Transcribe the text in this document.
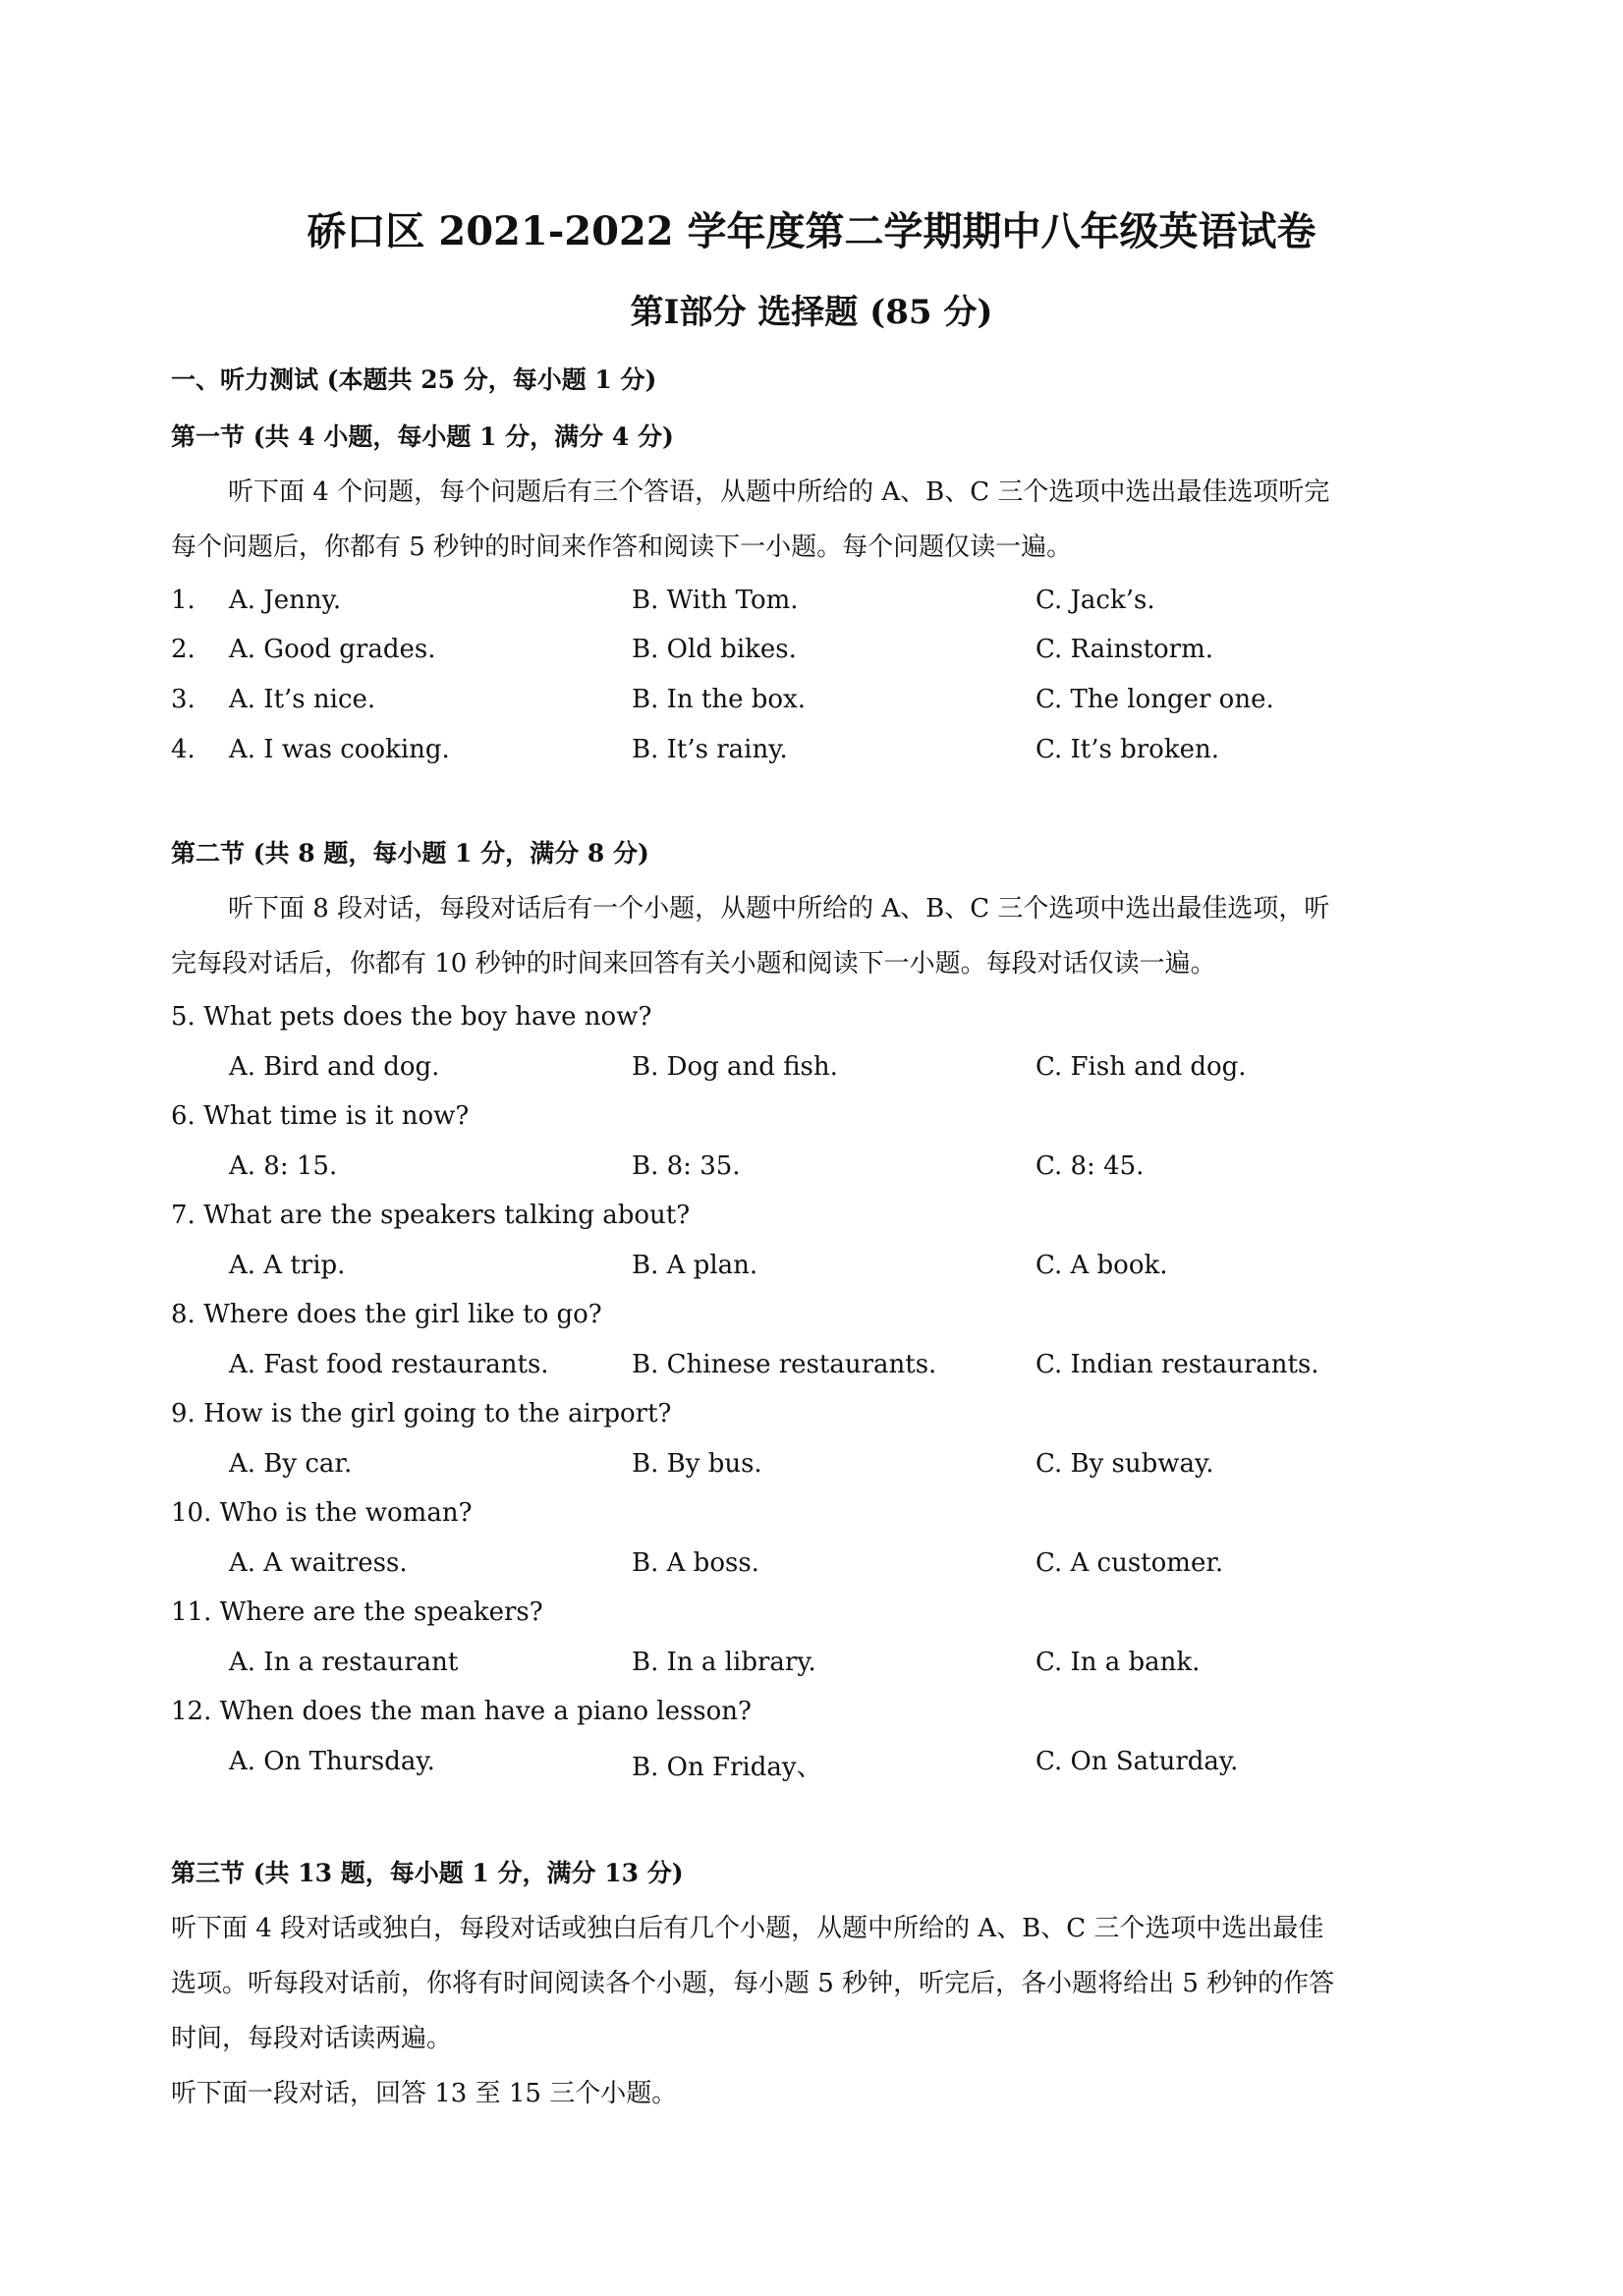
硚口区 2021-2022 学年度第二学期期中八年级英语试卷
第Ⅰ部分 选择题 (85 分)
一、听力测试 (本题共 25 分，每小题 1 分)
第一节 (共 4 小题，每小题 1 分，满分 4 分)
听下面 4 个问题，每个问题后有三个答语，从题中所给的 A、B、C 三个选项中选出最佳选项听完
每个问题后，你都有 5 秒钟的时间来作答和阅读下一小题。每个问题仅读一遍。
1. A. Jenny.	B. With Tom.	C. Jack’s.
2. A. Good grades.	B. Old bikes.	C. Rainstorm.
3. A. It’s nice.	B. In the box.	C. The longer one.
4. A. I was cooking.	B. It’s rainy.	C. It’s broken.
第二节 (共 8 题，每小题 1 分，满分 8 分)
听下面 8 段对话，每段对话后有一个小题，从题中所给的 A、B、C 三个选项中选出最佳选项，听
完每段对话后，你都有 10 秒钟的时间来回答有关小题和阅读下一小题。每段对话仅读一遍。
5. What pets does the boy have now?
A. Bird and dog.	B. Dog and fish.	C. Fish and dog.
6. What time is it now?
A. 8: 15.	B. 8: 35.	C. 8: 45.
7. What are the speakers talking about?
A. A trip.	B. A plan.	C. A book.
8. Where does the girl like to go?
A. Fast food restaurants.	B. Chinese restaurants.	C. Indian restaurants.
9. How is the girl going to the airport?
A. By car.	B. By bus.	C. By subway.
10. Who is the woman?
A. A waitress.	B. A boss.	C. A customer.
11. Where are the speakers?
A. In a restaurant	B. In a library.	C. In a bank.
12. When does the man have a piano lesson?
A. On Thursday.	B. On Friday、	C. On Saturday.
第三节 (共 13 题，每小题 1 分，满分 13 分)
听下面 4 段对话或独白，每段对话或独白后有几个小题，从题中所给的 A、B、C 三个选项中选出最佳
选项。听每段对话前，你将有时间阅读各个小题，每小题 5 秒钟，听完后，各小题将给出 5 秒钟的作答
时间，每段对话读两遍。
听下面一段对话，回答 13 至 15 三个小题。
